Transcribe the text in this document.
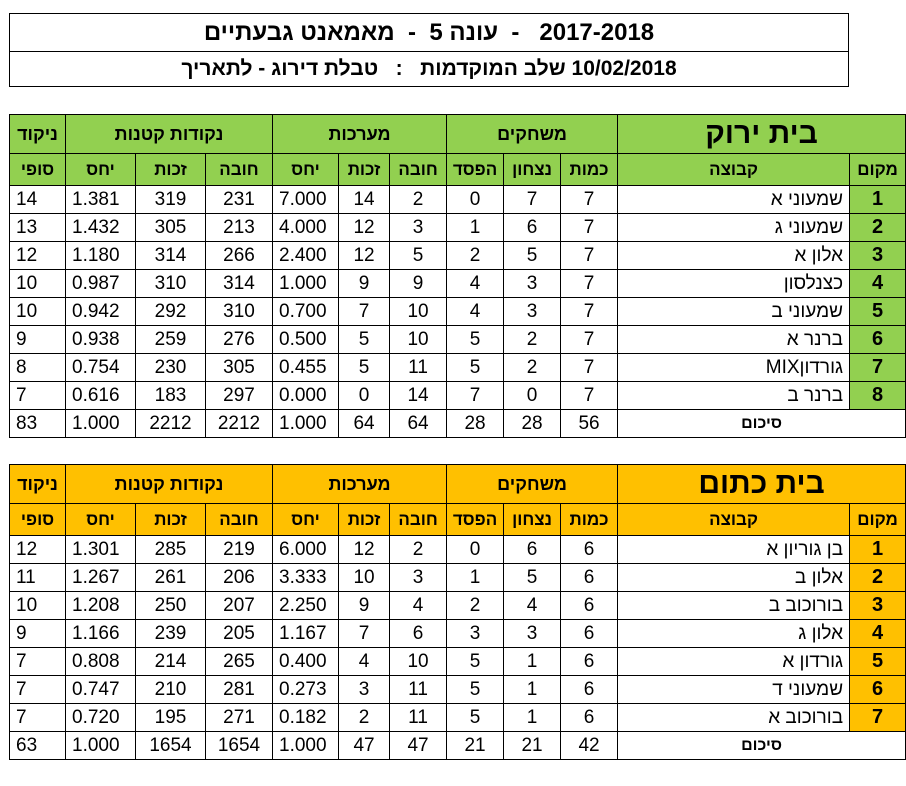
2017-2018   -  עונה 5  -  מאמאנט גבעתיים
10/02/2018 שלב המוקדמות   :   טבלת דירוג - לתאריך
ניקוד	נקודות קטנות			מערכות			משחקים			בית ירוק	
סופי	יחס	זכות	חובה	יחס	זכות	חובה	הפסד	נצחון	כמות	קבוצה	מקום
14	1.381	319	231	7.000	14	2	0	7	7	שמעוני א	1
13	1.432	305	213	4.000	12	3	1	6	7	שמעוני ג	2
12	1.180	314	266	2.400	12	5	2	5	7	אלון א	3
10	0.987	310	314	1.000	9	9	4	3	7	כצנלסון	4
10	0.942	292	310	0.700	7	10	4	3	7	שמעוני ב	5
9	0.938	259	276	0.500	5	10	5	2	7	ברנר א	6
8	0.754	230	305	0.455	5	11	5	2	7	גורדוןMIX	7
7	0.616	183	297	0.000	0	14	7	0	7	ברנר ב	8
83	1.000	2212	2212	1.000	64	64	28	28	56	סיכום	
ניקוד	נקודות קטנות			מערכות			משחקים			בית כתום	
סופי	יחס	זכות	חובה	יחס	זכות	חובה	הפסד	נצחון	כמות	קבוצה	מקום
12	1.301	285	219	6.000	12	2	0	6	6	בן גוריון א	1
11	1.267	261	206	3.333	10	3	1	5	6	אלון ב	2
10	1.208	250	207	2.250	9	4	2	4	6	בורוכוב ב	3
9	1.166	239	205	1.167	7	6	3	3	6	אלון ג	4
7	0.808	214	265	0.400	4	10	5	1	6	גורדון א	5
7	0.747	210	281	0.273	3	11	5	1	6	שמעוני ד	6
7	0.720	195	271	0.182	2	11	5	1	6	בורוכוב א	7
63	1.000	1654	1654	1.000	47	47	21	21	42	סיכום	
